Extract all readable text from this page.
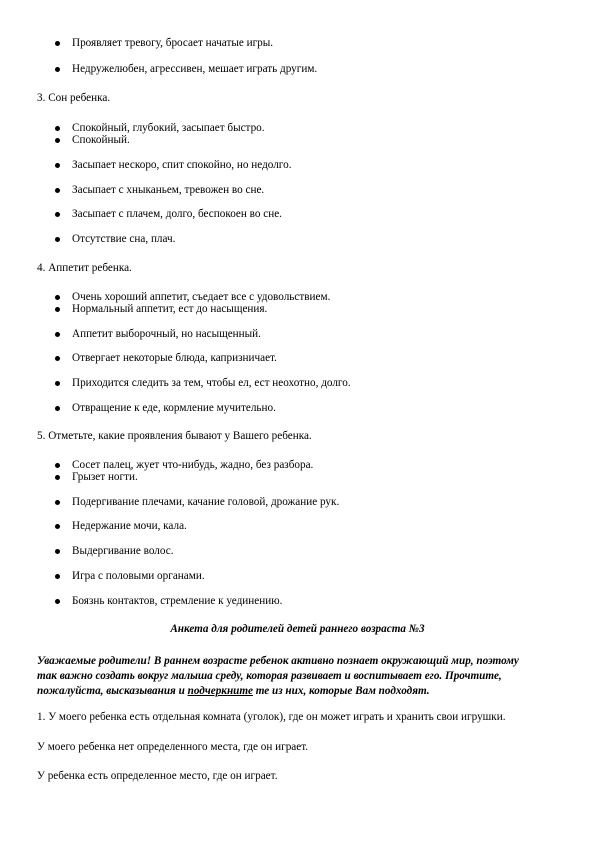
Проявляет тревогу, бросает начатые игры.
Недружелюбен, агрессивен, мешает играть другим.
3. Сон ребенка.
Спокойный, глубокий, засыпает быстро.
Спокойный.
Засыпает нескоро, спит спокойно, но недолго.
Засыпает с хныканьем, тревожен во сне.
Засыпает с плачем, долго, беспокоен во сне.
Отсутствие сна, плач.
4. Аппетит ребенка.
Очень хороший аппетит, съедает все с удовольствием.
Нормальный аппетит, ест до насыщения.
Аппетит выборочный, но насыщенный.
Отвергает некоторые блюда, капризничает.
Приходится следить за тем, чтобы ел, ест неохотно, долго.
Отвращение к еде, кормление мучительно.
5. Отметьте, какие проявления бывают у Вашего ребенка.
Сосет палец, жует что-нибудь, жадно, без разбора.
Грызет ногти.
Подергивание плечами, качание головой, дрожание рук.
Недержание мочи, кала.
Выдергивание волос.
Игра с половыми органами.
Боязнь контактов, стремление к уединению.
Анкета для родителей детей раннего возраста №3
Уважаемые родители! В раннем возрасте ребенок активно познает окружающий мир, поэтому
так важно создать вокруг малыша среду, которая развивает и воспитывает его. Прочтите,
пожалуйста, высказывания и подчеркните те из них, которые Вам подходят.
1. У моего ребенка есть отдельная комната (уголок), где он может играть и хранить свои игрушки.
У моего ребенка нет определенного места, где он играет.
У ребенка есть определенное место, где он играет.
